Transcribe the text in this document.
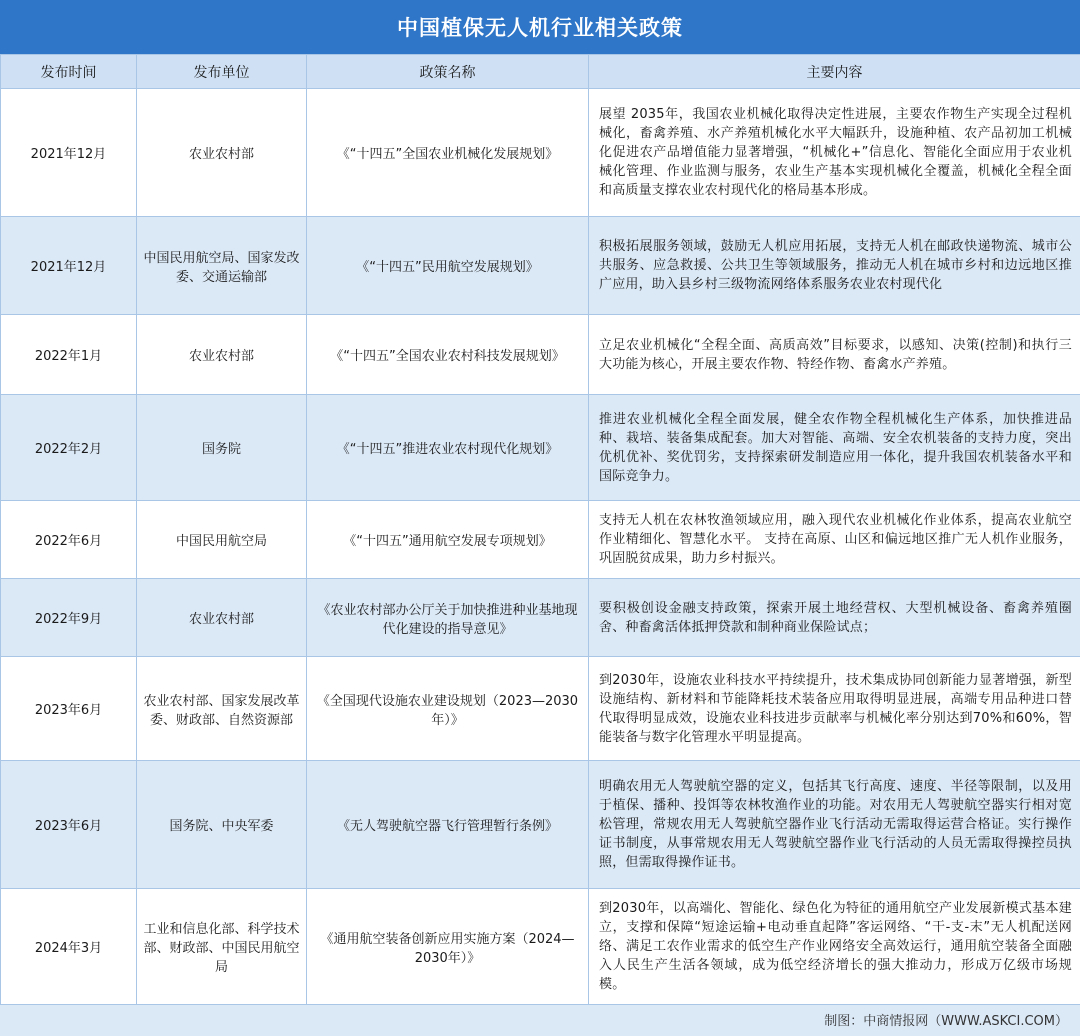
中国植保无人机行业相关政策
发布时间	发布单位	政策名称	主要内容
2021年12月	农业农村部	《“十四五”全国农业机械化发展规划》	展望 2035年，我国农业机械化取得决定性进展，主要农作物生产实现全过程机械化，畜禽养殖、水产养殖机械化水平大幅跃升，设施种植、农产品初加工机械化促进农产品增值能力显著增强，“机械化+”信息化、智能化全面应用于农业机械化管理、作业监测与服务，农业生产基本实现机械化全覆盖，机械化全程全面和高质量支撑农业农村现代化的格局基本形成。
2021年12月	中国民用航空局、国家发改委、交通运输部	《“十四五”民用航空发展规划》	积极拓展服务领域，鼓励无人机应用拓展，支持无人机在邮政快递物流、城市公共服务、应急救援、公共卫生等领域服务，推动无人机在城市乡村和边远地区推广应用，助入县乡村三级物流网络体系服务农业农村现代化
2022年1月	农业农村部	《“十四五”全国农业农村科技发展规划》	立足农业机械化“全程全面、高质高效”目标要求，以感知、决策(控制)和执行三大功能为核心，开展主要农作物、特经作物、畜禽水产养殖。
2022年2月	国务院	《“十四五”推进农业农村现代化规划》	推进农业机械化全程全面发展，健全农作物全程机械化生产体系，加快推进品种、栽培、装备集成配套。加大对智能、高端、安全农机装备的支持力度，突出优机优补、奖优罚劣，支持探索研发制造应用一体化，提升我国农机装备水平和国际竞争力。
2022年6月	中国民用航空局	《“十四五”通用航空发展专项规划》	支持无人机在农林牧渔领域应用，融入现代农业机械化作业体系，提高农业航空作业精细化、智慧化水平。 支持在高原、山区和偏远地区推广无人机作业服务，巩固脱贫成果，助力乡村振兴。
2022年9月	农业农村部	《农业农村部办公厅关于加快推进种业基地现代化建设的指导意见》	要积极创设金融支持政策，探索开展土地经营权、大型机械设备、畜禽养殖圈舍、种畜禽活体抵押贷款和制种商业保险试点；
2023年6月	农业农村部、国家发展改革委、财政部、自然资源部	《全国现代设施农业建设规划（2023—2030年）》	到2030年，设施农业科技水平持续提升，技术集成协同创新能力显著增强，新型设施结构、新材料和节能降耗技术装备应用取得明显进展，高端专用品种进口替代取得明显成效，设施农业科技进步贡献率与机械化率分别达到70%和60%，智能装备与数字化管理水平明显提高。
2023年6月	国务院、中央军委	《无人驾驶航空器飞行管理暂行条例》	明确农用无人驾驶航空器的定义，包括其飞行高度、速度、半径等限制，以及用于植保、播种、投饵等农林牧渔作业的功能。对农用无人驾驶航空器实行相对宽松管理，常规农用无人驾驶航空器作业飞行活动无需取得运营合格证。实行操作证书制度，从事常规农用无人驾驶航空器作业飞行活动的人员无需取得操控员执照，但需取得操作证书。
2024年3月	工业和信息化部、科学技术部、财政部、中国民用航空局	《通用航空装备创新应用实施方案（2024—2030年）》	到2030年，以高端化、智能化、绿色化为特征的通用航空产业发展新模式基本建立，支撑和保障“短途运输+电动垂直起降”客运网络、“干-支-末”无人机配送网络、满足工农作业需求的低空生产作业网络安全高效运行，通用航空装备全面融入人民生产生活各领域，成为低空经济增长的强大推动力，形成万亿级市场规模。
制图：中商情报网（WWW.ASKCI.COM）
